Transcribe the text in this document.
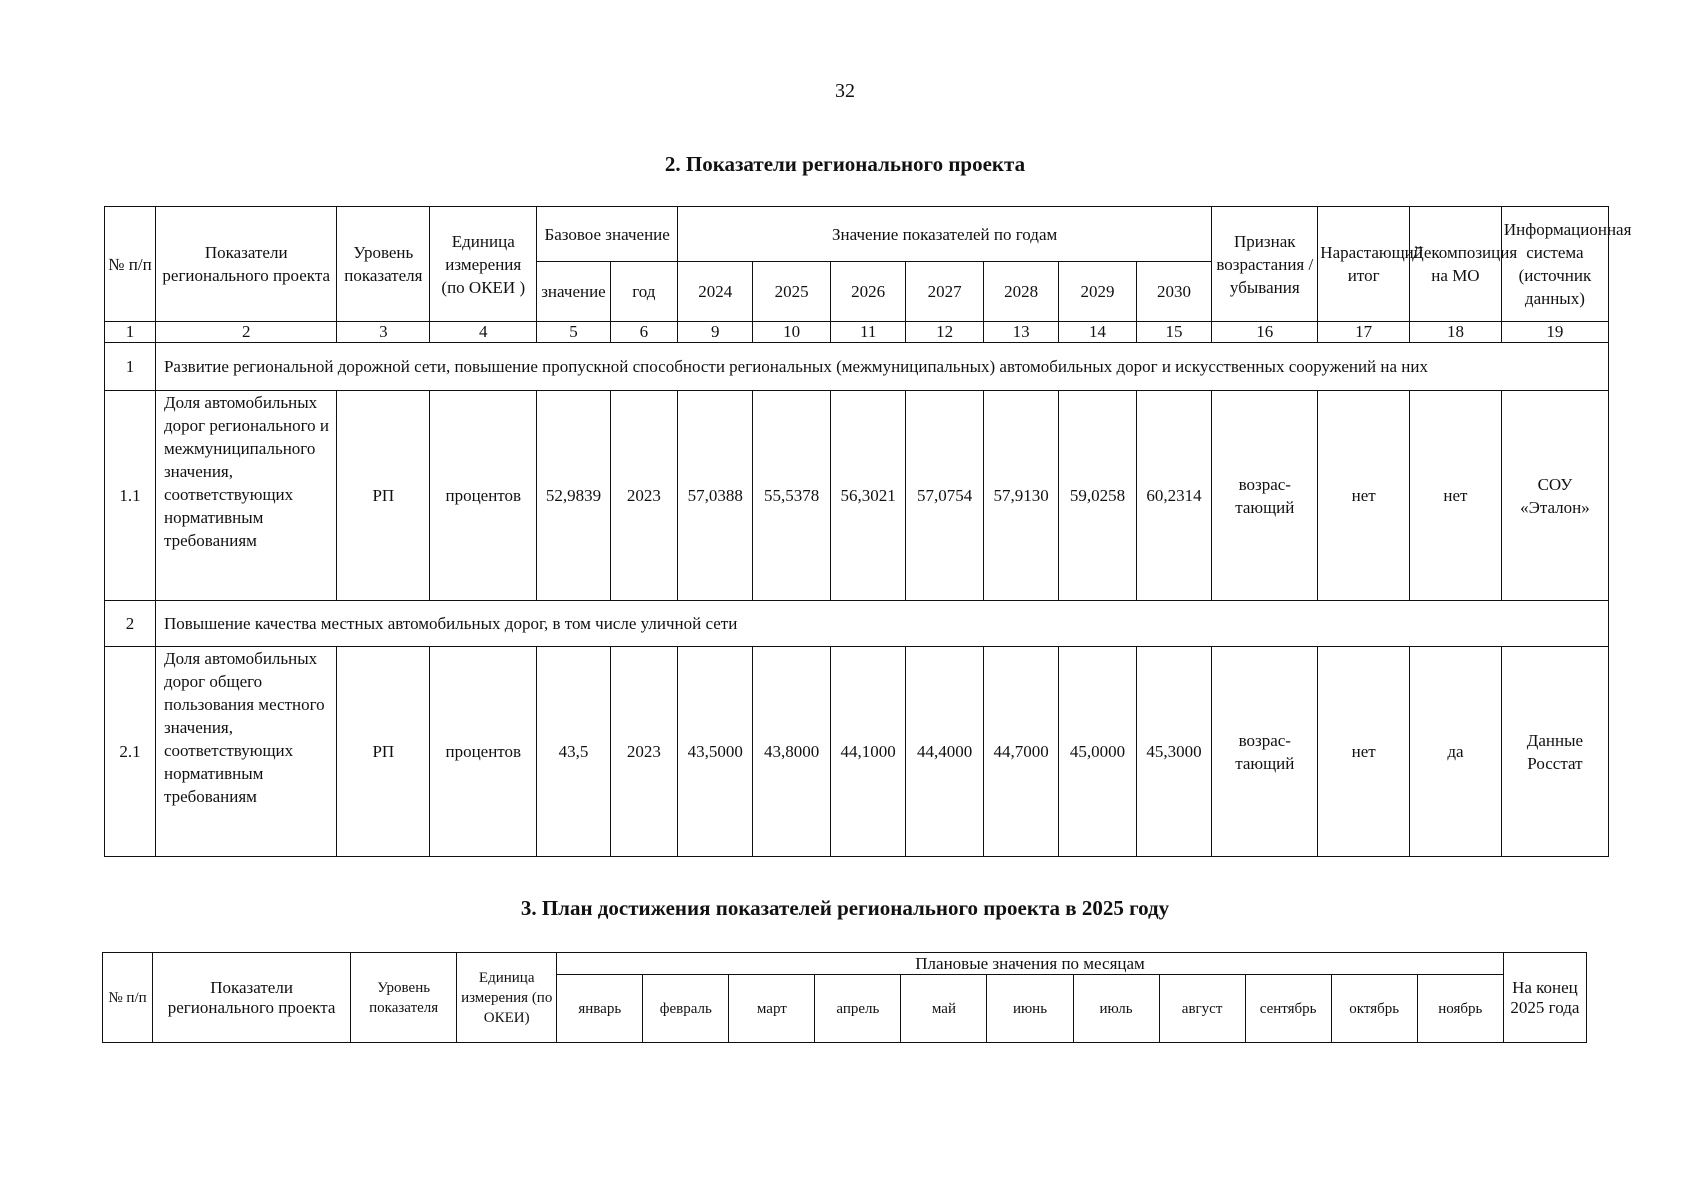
32
2. Показатели регионального проекта
№ п/п	Показатели регионального проекта	Уровень показателя	Единица измерения (по ОКЕИ )	Базовое значение		Значение показателей по годам							Признак возрастания / убывания	Нарастающий итог	Декомпозиция на МО	Информационная система (источник данных)
				значение	год	2024	2025	2026	2027	2028	2029	2030				
1	2	3	4	5	6	9	10	11	12	13	14	15	16	17	18	19
1	Развитие региональной дорожной сети, повышение пропускной способности региональных (межмуниципальных) автомобильных дорог и искусственных сооружений на них															
1.1	Доля автомобильных дорог регионального и межмуниципального значения, соответствующих нормативным требованиям	РП	процентов	52,9839	2023	57,0388	55,5378	56,3021	57,0754	57,9130	59,0258	60,2314	возрас-тающий	нет	нет	СОУ «Эталон»
2	Повышение качества местных автомобильных дорог, в том числе уличной сети															
2.1	Доля автомобильных дорог общего пользования местного значения, соответствующих нормативным требованиям	РП	процентов	43,5	2023	43,5000	43,8000	44,1000	44,4000	44,7000	45,0000	45,3000	возрас-тающий	нет	да	Данные Росстат
3. План достижения показателей регионального проекта в 2025 году
№ п/п	Показатели регионального проекта	Уровень показателя	Единица измерения (по ОКЕИ)	Плановые значения по месяцам											На конец 2025 года
				январь	февраль	март	апрель	май	июнь	июль	август	сентябрь	октябрь	ноябрь	
